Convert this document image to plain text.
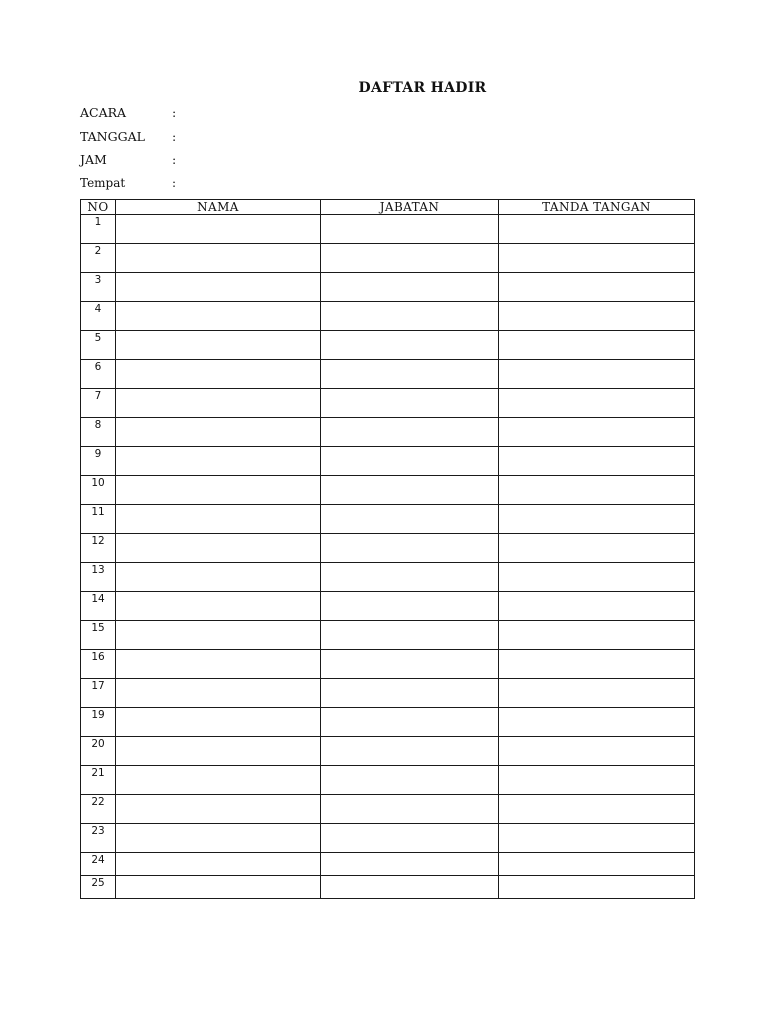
DAFTAR HADIR
ACARA	:
TANGGAL :
JAM	:
Tempat	:
NO	NAMA	JABATAN	TANDA TANGAN
1			
2			
3			
4			
5			
6			
7			
8			
9			
10			
11			
12			
13			
14			
15			
16			
17			
19			
20			
21			
22			
23			
24			
25			
